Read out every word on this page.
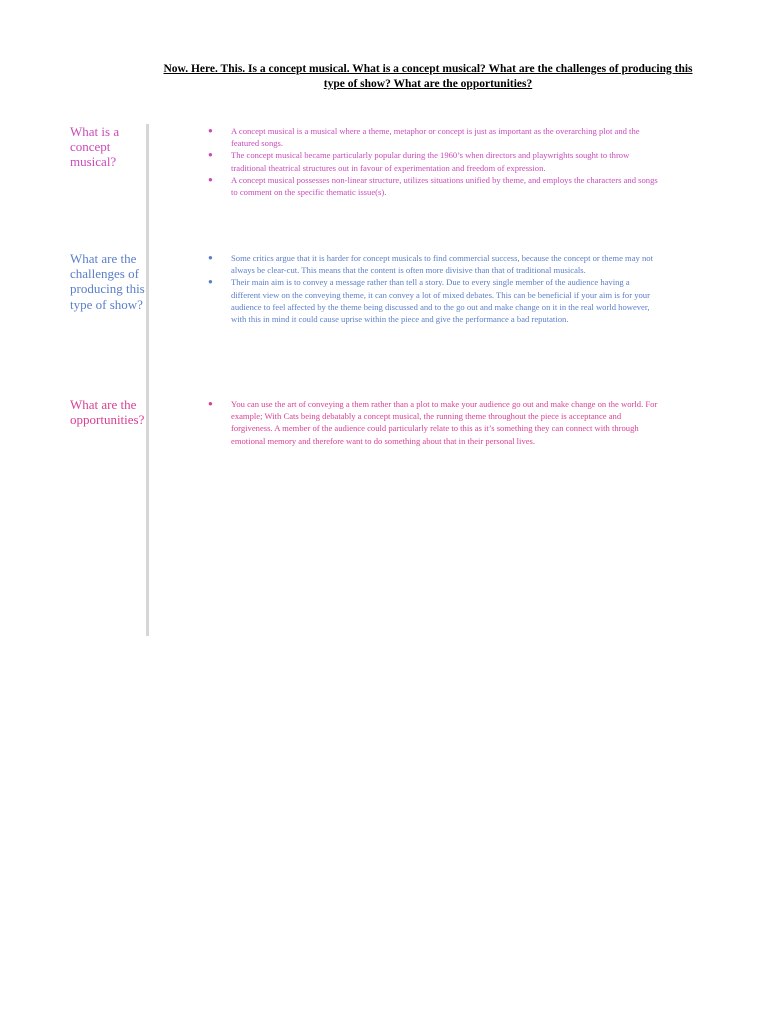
Now. Here. This. Is a concept musical. What is a concept musical? What are the challenges of producing this type of show? What are the opportunities?
What is a concept musical?
● A concept musical is a musical where a theme, metaphor or concept is just as important as the overarching plot and the featured songs.
● The concept musical became particularly popular during the 1960’s when directors and playwrights sought to throw traditional theatrical structures out in favour of experimentation and freedom of expression.
● A concept musical possesses non-linear structure, utilizes situations unified by theme, and employs the characters and songs to comment on the specific thematic issue(s).
What are the challenges of producing this type of show?
● Some critics argue that it is harder for concept musicals to find commercial success, because the concept or theme may not always be clear-cut. This means that the content is often more divisive than that of traditional musicals.
● Their main aim is to convey a message rather than tell a story. Due to every single member of the audience having a different view on the conveying theme, it can convey a lot of mixed debates. This can be beneficial if your aim is for your audience to feel affected by the theme being discussed and to the go out and make change on it in the real world however, with this in mind it could cause uprise within the piece and give the performance a bad reputation.
What are the opportunities?
● You can use the art of conveying a them rather than a plot to make your audience go out and make change on the world. For example; With Cats being debatably a concept musical, the running theme throughout the piece is acceptance and forgiveness. A member of the audience could particularly relate to this as it’s something they can connect with through emotional memory and therefore want to do something about that in their personal lives.
